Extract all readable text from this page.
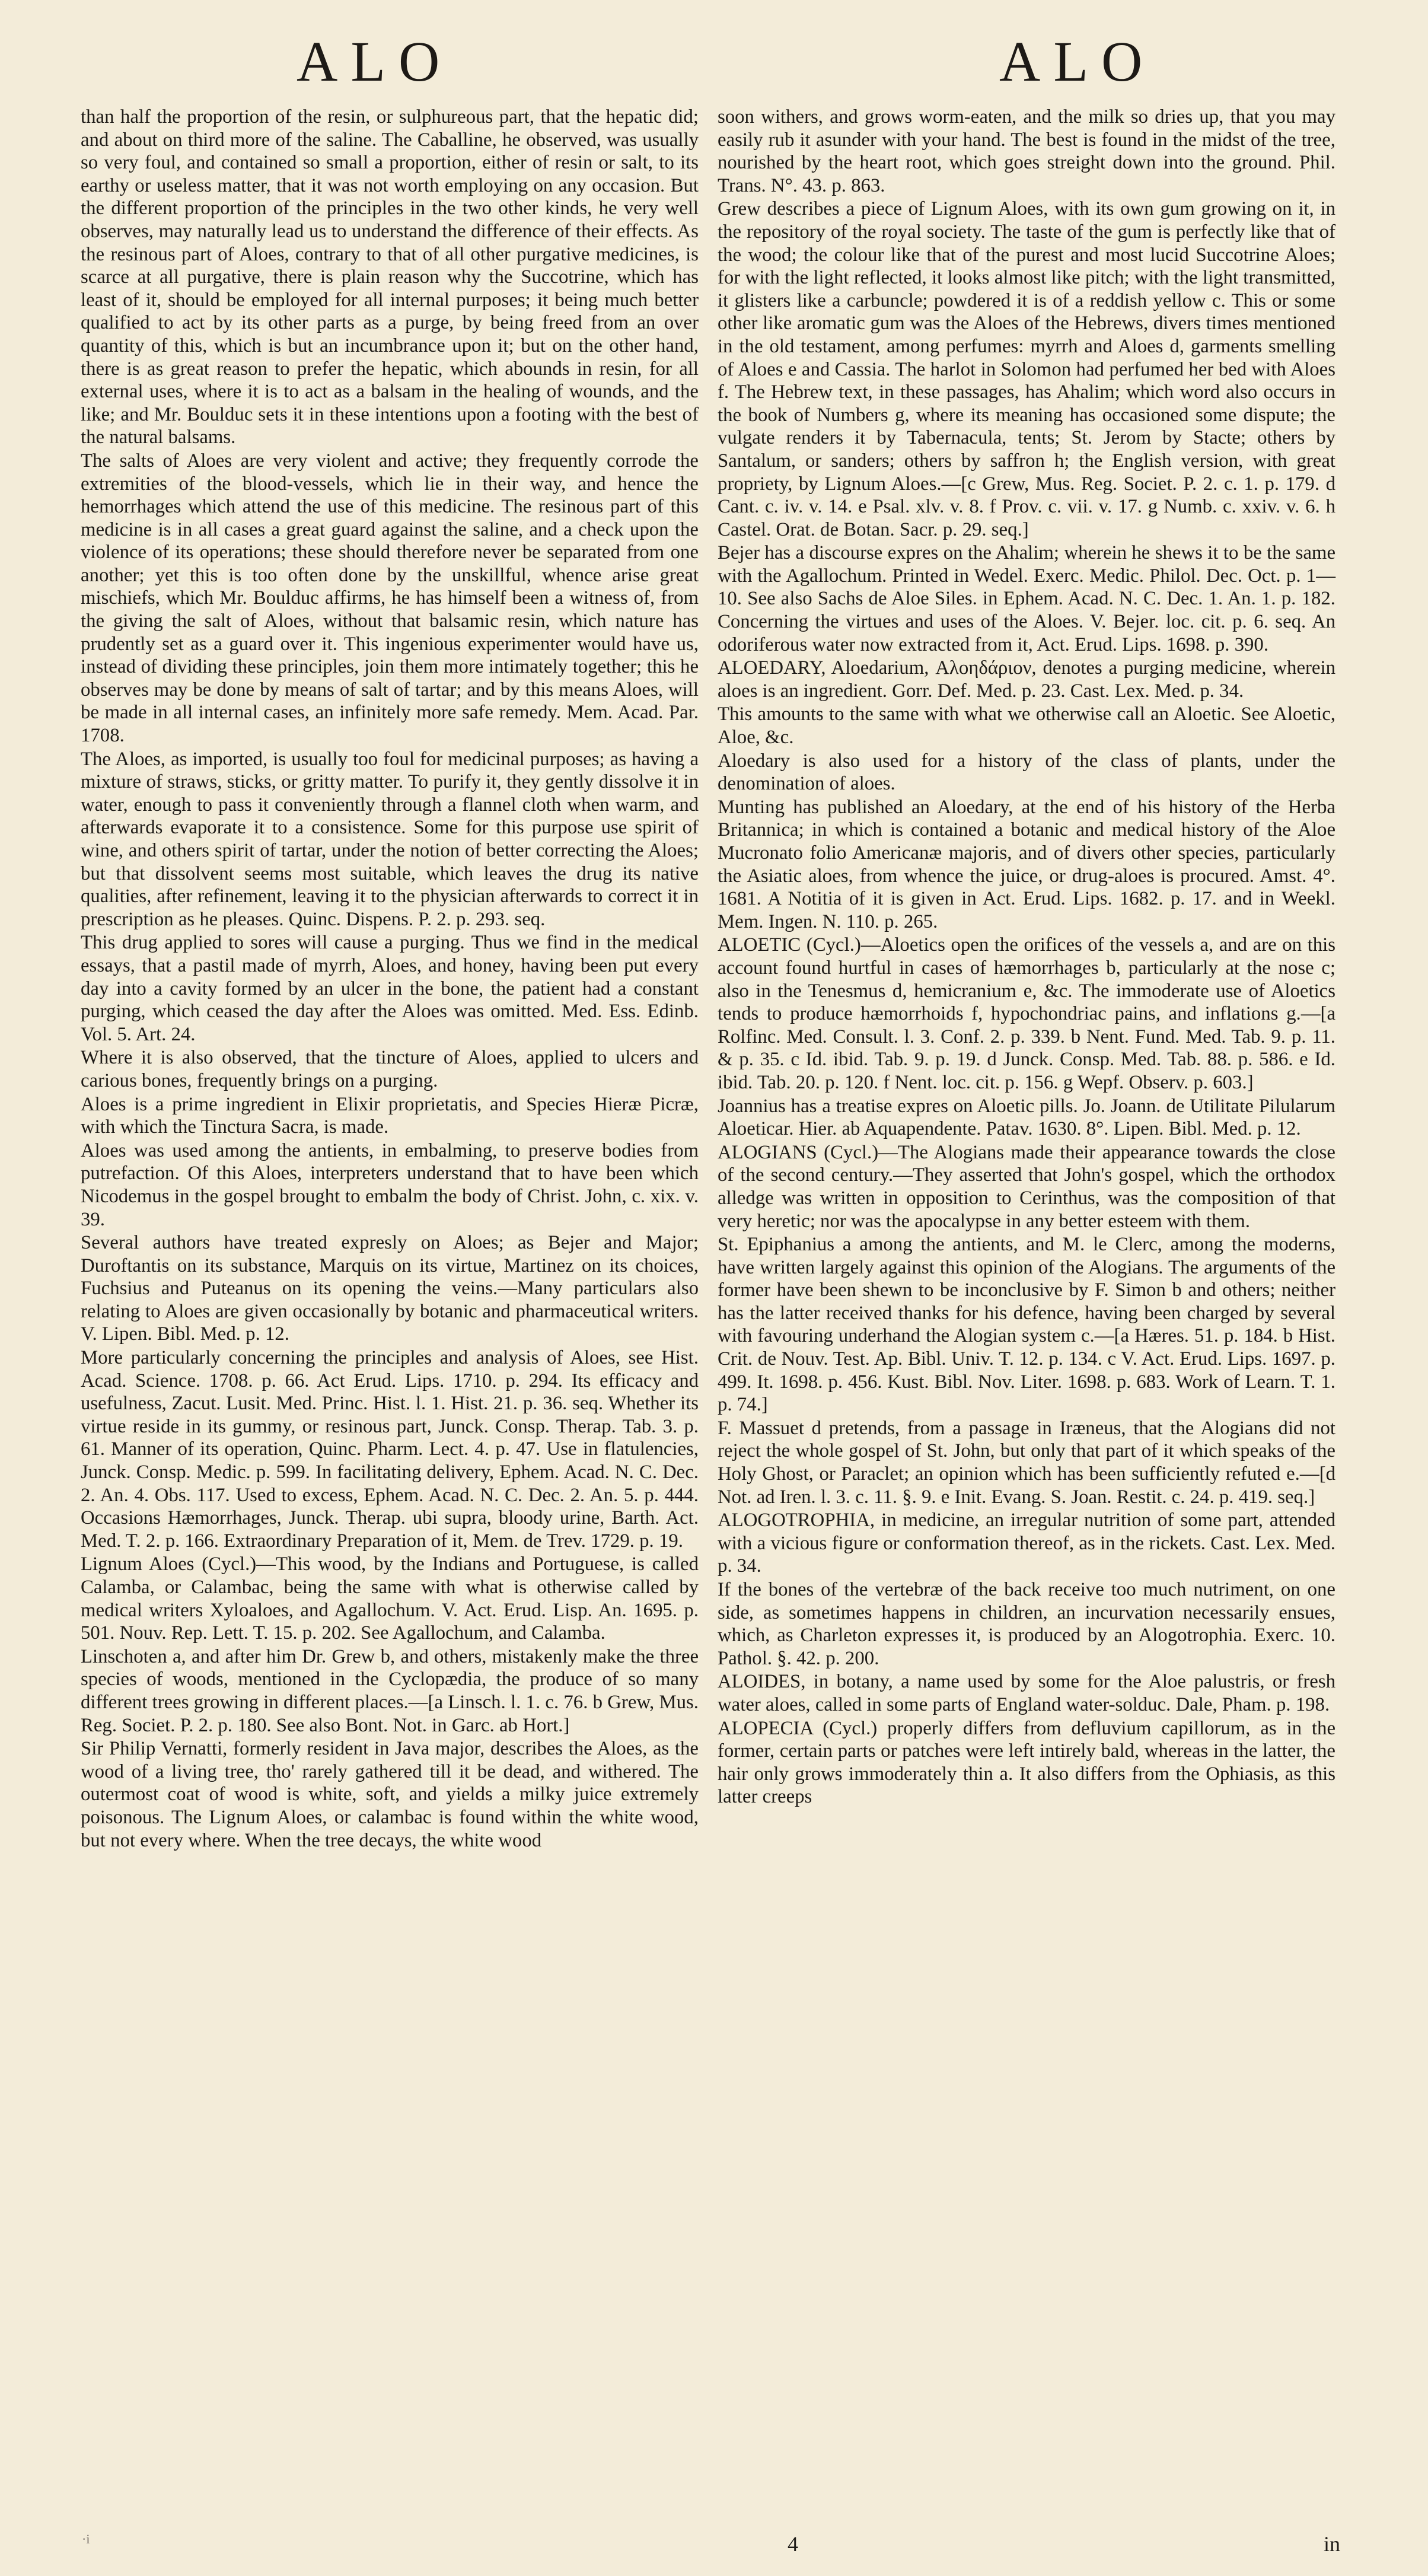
ALO	ALO

than half the proportion of the resin, or sulphureous part, that the hepatic did; and about on third more of the saline. The Caballine, he observed, was usually so very foul, and contained so small a proportion, either of resin or salt, to its earthy or useless matter, that it was not worth employing on any occasion. But the different proportion of the principles in the two other kinds, he very well observes, may naturally lead us to understand the difference of their effects. As the resinous part of Aloes, contrary to that of all other purgative medicines, is scarce at all purgative, there is plain reason why the Succotrine, which has least of it, should be employed for all internal purposes; it being much better qualified to act by its other parts as a purge, by being freed from an over quantity of this, which is but an incumbrance upon it; but on the other hand, there is as great reason to prefer the hepatic, which abounds in resin, for all external uses, where it is to act as a balsam in the healing of wounds, and the like; and Mr. Boulduc sets it in these intentions upon a footing with the best of the natural balsams.

The salts of Aloes are very violent and active; they frequently corrode the extremities of the blood-vessels, which lie in their way, and hence the hemorrhages which attend the use of this medicine. The resinous part of this medicine is in all cases a great guard against the saline, and a check upon the violence of its operations; these should therefore never be separated from one another; yet this is too often done by the unskillful, whence arise great mischiefs, which Mr. Boulduc affirms, he has himself been a witness of, from the giving the salt of Aloes, without that balsamic resin, which nature has prudently set as a guard over it. This ingenious experimenter would have us, instead of dividing these principles, join them more intimately together; this he observes may be done by means of salt of tartar; and by this means Aloes, will be made in all internal cases, an infinitely more safe remedy. Mem. Acad. Par. 1708.

The Aloes, as imported, is usually too foul for medicinal purposes; as having a mixture of straws, sticks, or gritty matter. To purify it, they gently dissolve it in water, enough to pass it conveniently through a flannel cloth when warm, and afterwards evaporate it to a consistence. Some for this purpose use spirit of wine, and others spirit of tartar, under the notion of better correcting the Aloes; but that dissolvent seems most suitable, which leaves the drug its native qualities, after refinement, leaving it to the physician afterwards to correct it in prescription as he pleases. Quinc. Dispens. P. 2. p. 293. seq.

This drug applied to sores will cause a purging. Thus we find in the medical essays, that a pastil made of myrrh, Aloes, and honey, having been put every day into a cavity formed by an ulcer in the bone, the patient had a constant purging, which ceased the day after the Aloes was omitted. Med. Ess. Edinb. Vol. 5. Art. 24.

Where it is also observed, that the tincture of Aloes, applied to ulcers and carious bones, frequently brings on a purging.

Aloes is a prime ingredient in Elixir proprietatis, and Species Hieræ Picræ, with which the Tinctura Sacra, is made.

Aloes was used among the antients, in embalming, to preserve bodies from putrefaction. Of this Aloes, interpreters understand that to have been which Nicodemus in the gospel brought to embalm the body of Christ. John, c. xix. v. 39.

Several authors have treated expresly on Aloes; as Bejer and Major; Duroftantis on its substance, Marquis on its virtue, Martinez on its choices, Fuchsius and Puteanus on its opening the veins.—Many particulars also relating to Aloes are given occasionally by botanic and pharmaceutical writers. V. Lipen. Bibl. Med. p. 12.

More particularly concerning the principles and analysis of Aloes, see Hist. Acad. Science. 1708. p. 66. Act Erud. Lips. 1710. p. 294. Its efficacy and usefulness, Zacut. Lusit. Med. Princ. Hist. l. 1. Hist. 21. p. 36. seq. Whether its virtue reside in its gummy, or resinous part, Junck. Consp. Therap. Tab. 3. p. 61. Manner of its operation, Quinc. Pharm. Lect. 4. p. 47. Use in flatulencies, Junck. Consp. Medic. p. 599. In facilitating delivery, Ephem. Acad. N. C. Dec. 2. An. 4. Obs. 117. Used to excess, Ephem. Acad. N. C. Dec. 2. An. 5. p. 444. Occasions Hæmorrhages, Junck. Therap. ubi supra, bloody urine, Barth. Act. Med. T. 2. p. 166. Extraordinary Preparation of it, Mem. de Trev. 1729. p. 19.

Lignum Aloes (Cycl.)—This wood, by the Indians and Portuguese, is called Calamba, or Calambac, being the same with what is otherwise called by medical writers Xyloaloes, and Agallochum. V. Act. Erud. Lisp. An. 1695. p. 501. Nouv. Rep. Lett. T. 15. p. 202. See Agallochum, and Calamba.

Linschoten a, and after him Dr. Grew b, and others, mistakenly make the three species of woods, mentioned in the Cyclopædia, the produce of so many different trees growing in different places.—[a Linsch. l. 1. c. 76. b Grew, Mus. Reg. Societ. P. 2. p. 180. See also Bont. Not. in Garc. ab Hort.]

Sir Philip Vernatti, formerly resident in Java major, describes the Aloes, as the wood of a living tree, tho' rarely gathered till it be dead, and withered. The outermost coat of wood is white, soft, and yields a milky juice extremely poisonous. The Lignum Aloes, or calambac is found within the white wood, but not every where. When the tree decays, the white wood

soon withers, and grows worm-eaten, and the milk so dries up, that you may easily rub it asunder with your hand. The best is found in the midst of the tree, nourished by the heart root, which goes streight down into the ground. Phil. Trans. N°. 43. p. 863.

Grew describes a piece of Lignum Aloes, with its own gum growing on it, in the repository of the royal society. The taste of the gum is perfectly like that of the wood; the colour like that of the purest and most lucid Succotrine Aloes; for with the light reflected, it looks almost like pitch; with the light transmitted, it glisters like a carbuncle; powdered it is of a reddish yellow c. This or some other like aromatic gum was the Aloes of the Hebrews, divers times mentioned in the old testament, among perfumes: myrrh and Aloes d, garments smelling of Aloes e and Cassia. The harlot in Solomon had perfumed her bed with Aloes f. The Hebrew text, in these passages, has Ahalim; which word also occurs in the book of Numbers g, where its meaning has occasioned some dispute; the vulgate renders it by Tabernacula, tents; St. Jerom by Stacte; others by Santalum, or sanders; others by saffron h; the English version, with great propriety, by Lignum Aloes.—[c Grew, Mus. Reg. Societ. P. 2. c. 1. p. 179. d Cant. c. iv. v. 14. e Psal. xlv. v. 8. f Prov. c. vii. v. 17. g Numb. c. xxiv. v. 6. h Castel. Orat. de Botan. Sacr. p. 29. seq.]

Bejer has a discourse expres on the Ahalim; wherein he shews it to be the same with the Agallochum. Printed in Wedel. Exerc. Medic. Philol. Dec. Oct. p. 1—10. See also Sachs de Aloe Siles. in Ephem. Acad. N. C. Dec. 1. An. 1. p. 182. Concerning the virtues and uses of the Aloes. V. Bejer. loc. cit. p. 6. seq. An odoriferous water now extracted from it, Act. Erud. Lips. 1698. p. 390.

ALOEDARY, Aloedarium, Αλοηδάριον, denotes a purging medicine, wherein aloes is an ingredient. Gorr. Def. Med. p. 23. Cast. Lex. Med. p. 34.

This amounts to the same with what we otherwise call an Aloetic. See Aloetic, Aloe, &c.

Aloedary is also used for a history of the class of plants, under the denomination of aloes.

Munting has published an Aloedary, at the end of his history of the Herba Britannica; in which is contained a botanic and medical history of the Aloe Mucronato folio Americanæ majoris, and of divers other species, particularly the Asiatic aloes, from whence the juice, or drug-aloes is procured. Amst. 4°. 1681. A Notitia of it is given in Act. Erud. Lips. 1682. p. 17. and in Weekl. Mem. Ingen. N. 110. p. 265.

ALOETIC (Cycl.)—Aloetics open the orifices of the vessels a, and are on this account found hurtful in cases of hæmorrhages b, particularly at the nose c; also in the Tenesmus d, hemicranium e, &c. The immoderate use of Aloetics tends to produce hæmorrhoids f, hypochondriac pains, and inflations g.—[a Rolfinc. Med. Consult. l. 3. Conf. 2. p. 339. b Nent. Fund. Med. Tab. 9. p. 11. & p. 35. c Id. ibid. Tab. 9. p. 19. d Junck. Consp. Med. Tab. 88. p. 586. e Id. ibid. Tab. 20. p. 120. f Nent. loc. cit. p. 156. g Wepf. Observ. p. 603.]

Joannius has a treatise expres on Aloetic pills. Jo. Joann. de Utilitate Pilularum Aloeticar. Hier. ab Aquapendente. Patav. 1630. 8°. Lipen. Bibl. Med. p. 12.

ALOGIANS (Cycl.)—The Alogians made their appearance towards the close of the second century.—They asserted that John's gospel, which the orthodox alledge was written in opposition to Cerinthus, was the composition of that very heretic; nor was the apocalypse in any better esteem with them.

St. Epiphanius a among the antients, and M. le Clerc, among the moderns, have written largely against this opinion of the Alogians. The arguments of the former have been shewn to be inconclusive by F. Simon b and others; neither has the latter received thanks for his defence, having been charged by several with favouring underhand the Alogian system c.—[a Hæres. 51. p. 184. b Hist. Crit. de Nouv. Test. Ap. Bibl. Univ. T. 12. p. 134. c V. Act. Erud. Lips. 1697. p. 499. It. 1698. p. 456. Kust. Bibl. Nov. Liter. 1698. p. 683. Work of Learn. T. 1. p. 74.]

F. Massuet d pretends, from a passage in Iræneus, that the Alogians did not reject the whole gospel of St. John, but only that part of it which speaks of the Holy Ghost, or Paraclet; an opinion which has been sufficiently refuted e.—[d Not. ad Iren. l. 3. c. 11. §. 9. e Init. Evang. S. Joan. Restit. c. 24. p. 419. seq.]

ALOGOTROPHIA, in medicine, an irregular nutrition of some part, attended with a vicious figure or conformation thereof, as in the rickets. Cast. Lex. Med. p. 34.

If the bones of the vertebræ of the back receive too much nutriment, on one side, as sometimes happens in children, an incurvation necessarily ensues, which, as Charleton expresses it, is produced by an Alogotrophia. Exerc. 10. Pathol. §. 42. p. 200.

ALOIDES, in botany, a name used by some for the Aloe palustris, or fresh water aloes, called in some parts of England water-solduc. Dale, Pham. p. 198.

ALOPECIA (Cycl.) properly differs from defluvium capillorum, as in the former, certain parts or patches were left intirely bald, whereas in the latter, the hair only grows immoderately thin a. It also differs from the Ophiasis, as this latter creeps

·i	4	in
